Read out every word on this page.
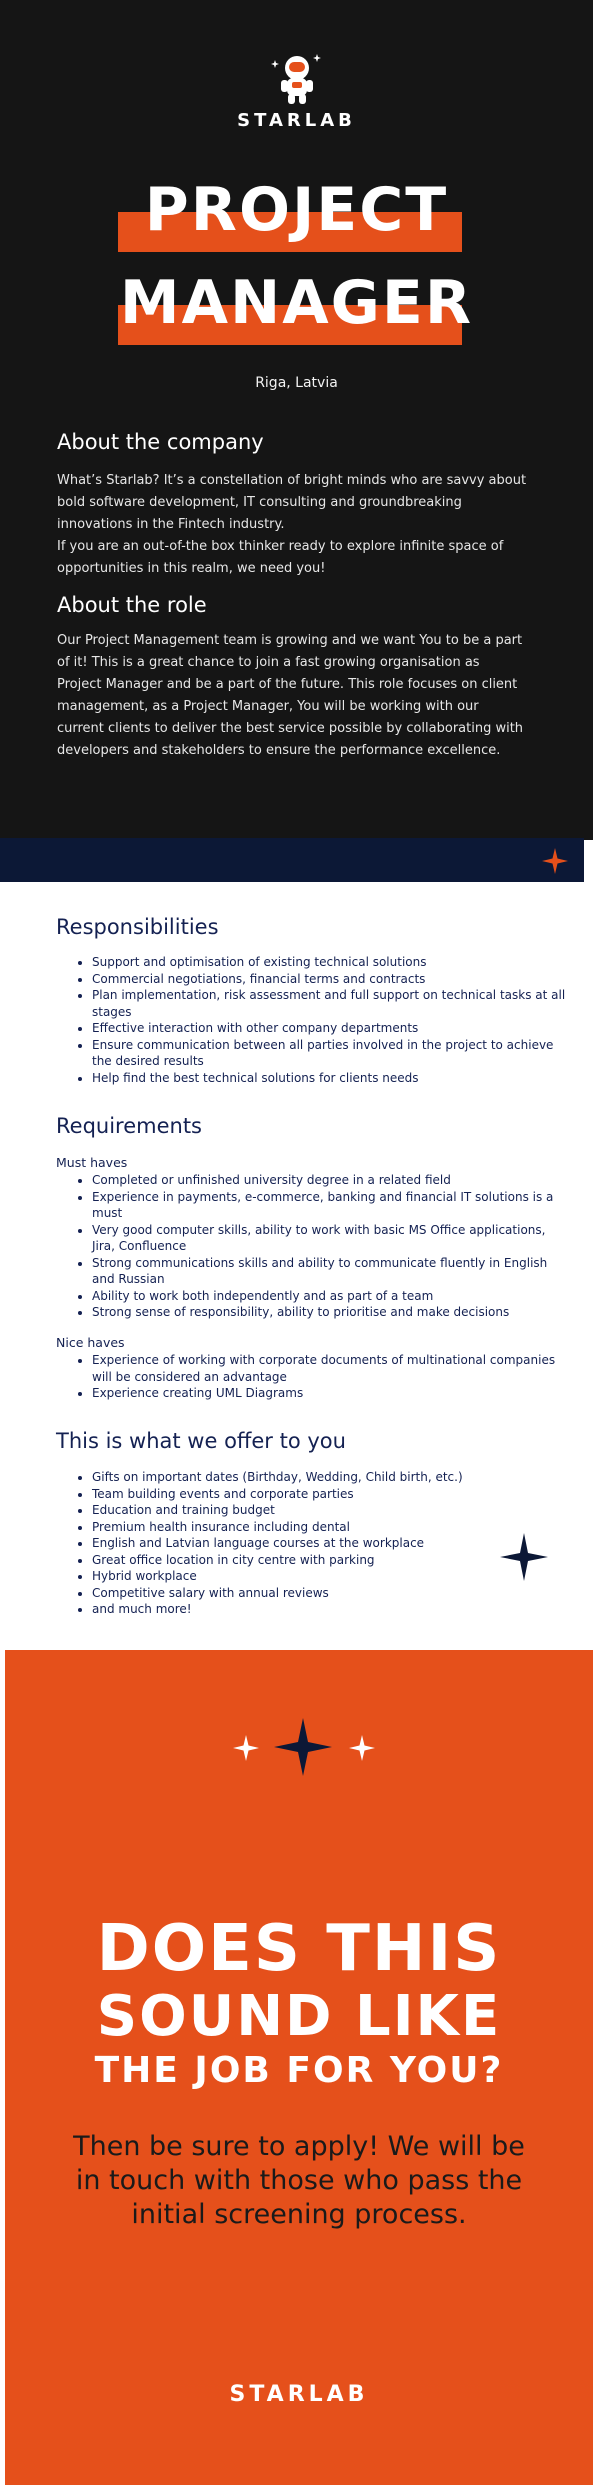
STARLAB
PROJECT
MANAGER
Riga, Latvia
About the company
What’s Starlab? It’s a constellation of bright minds who are savvy about bold software development, IT consulting and groundbreaking innovations in the Fintech industry.
If you are an out-of-the box thinker ready to explore infinite space of opportunities in this realm, we need you!
About the role
Our Project Management team is growing and we want You to be a part of it! This is a great chance to join a fast growing organisation as Project Manager and be a part of the future. This role focuses on client management, as a Project Manager, You will be working with our current clients to deliver the best service possible by collaborating with developers and stakeholders to ensure the performance excellence.
Responsibilities
• Support and optimisation of existing technical solutions
• Commercial negotiations, financial terms and contracts
• Plan implementation, risk assessment and full support on technical tasks at all stages
• Effective interaction with other company departments
• Ensure communication between all parties involved in the project to achieve the desired results
• Help find the best technical solutions for clients needs
Requirements
Must haves
• Completed or unfinished university degree in a related field
• Experience in payments, e-commerce, banking and financial IT solutions is a must
• Very good computer skills, ability to work with basic MS Office applications, Jira, Confluence
• Strong communications skills and ability to communicate fluently in English and Russian
• Ability to work both independently and as part of a team
• Strong sense of responsibility, ability to prioritise and make decisions
Nice haves
• Experience of working with corporate documents of multinational companies will be considered an advantage
• Experience creating UML Diagrams
This is what we offer to you
• Gifts on important dates (Birthday, Wedding, Child birth, etc.)
• Team building events and corporate parties
• Education and training budget
• Premium health insurance including dental
• English and Latvian language courses at the workplace
• Great office location in city centre with parking
• Hybrid workplace
• Competitive salary with annual reviews
• and much more!
DOES THIS
SOUND LIKE
THE JOB FOR YOU?
Then be sure to apply! We will be in touch with those who pass the initial screening process.
STARLAB
